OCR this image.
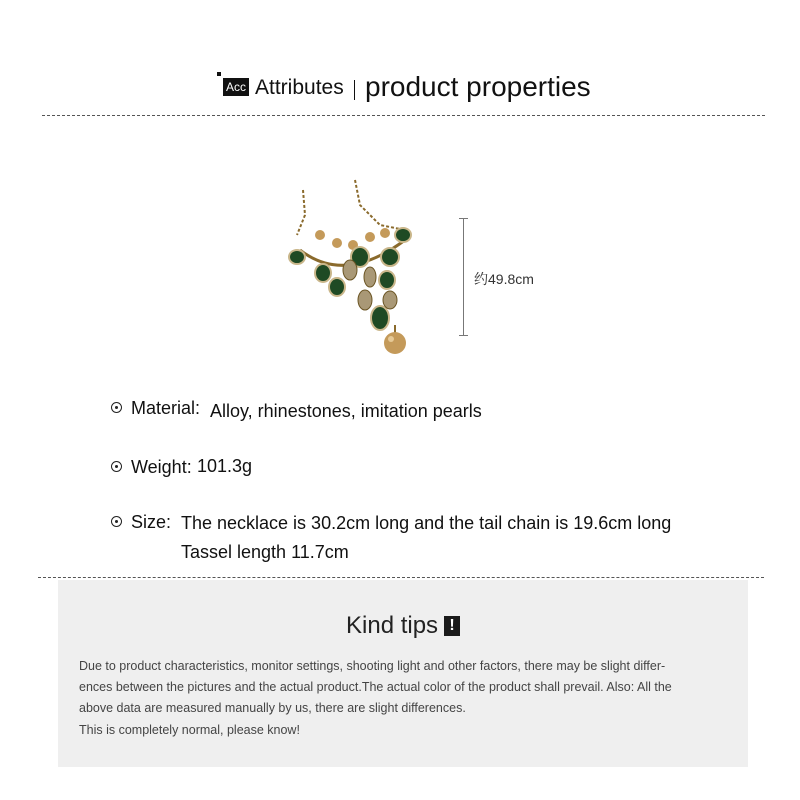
Acc Attributes product properties
约49.8cm
Material: Alloy, rhinestones, imitation pearls
Weight: 101.3g
Size: The necklace is 30.2cm long and the tail chain is 19.6cm long
Tassel length 11.7cm
Kind tips !
Due to product characteristics, monitor settings, shooting light and other factors, there may be slight differ-
ences between the pictures and the actual product.The actual color of the product shall prevail. Also: All the
above data are measured manually by us, there are slight differences.
This is completely normal, please know!
